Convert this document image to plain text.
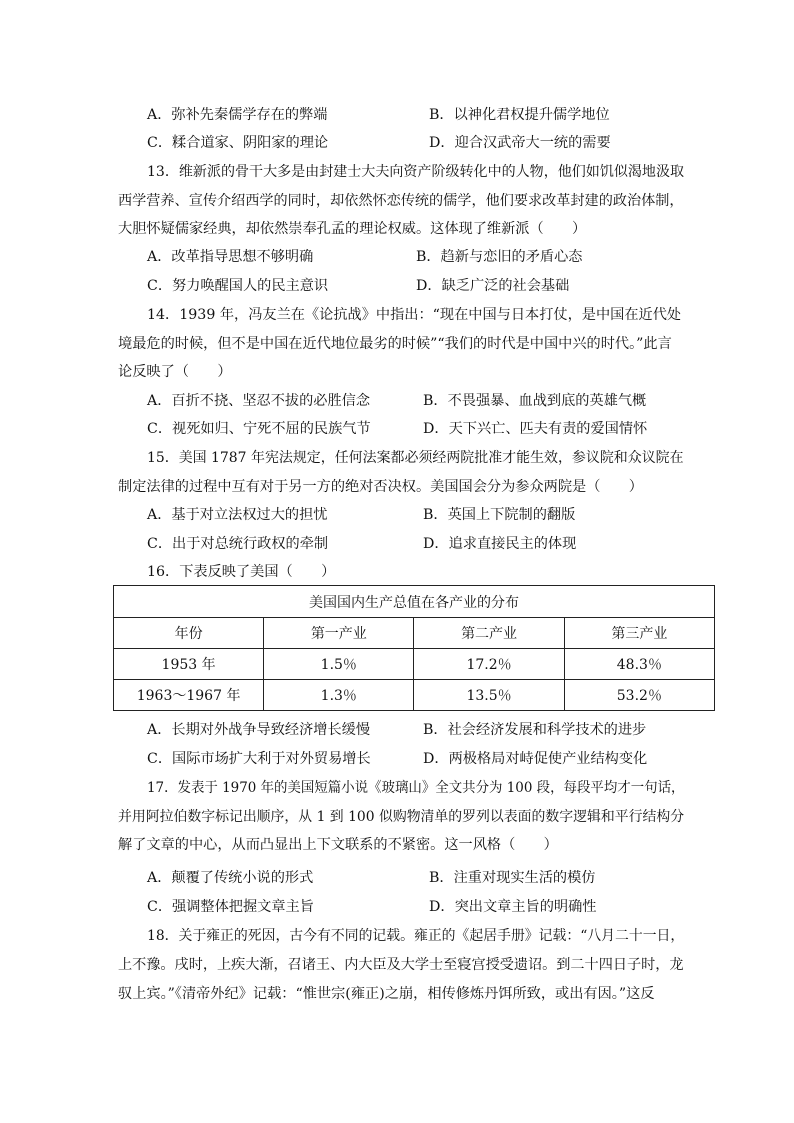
A．弥补先秦儒学存在的弊端	B．以神化君权提升儒学地位
C．糅合道家、阴阳家的理论	D．迎合汉武帝大一统的需要
13．维新派的骨干大多是由封建士大夫向资产阶级转化中的人物，他们如饥似渴地汲取
西学营养、宣传介绍西学的同时，却依然怀恋传统的儒学，他们要求改革封建的政治体制，
大胆怀疑儒家经典，却依然崇奉孔孟的理论权威。这体现了维新派（　　）
A．改革指导思想不够明确	B．趋新与恋旧的矛盾心态
C．努力唤醒国人的民主意识	D．缺乏广泛的社会基础
14．1939 年，冯友兰在《论抗战》中指出：“现在中国与日本打仗，是中国在近代处
境最危的时候，但不是中国在近代地位最劣的时候”“我们的时代是中国中兴的时代。”此言
论反映了（　　）
A．百折不挠、坚忍不拔的必胜信念	B．不畏强暴、血战到底的英雄气概
C．视死如归、宁死不屈的民族气节	D．天下兴亡、匹夫有责的爱国情怀
15．美国 1787 年宪法规定，任何法案都必须经两院批准才能生效，参议院和众议院在
制定法律的过程中互有对于另一方的绝对否决权。美国国会分为参众两院是（　　）
A．基于对立法权过大的担忧	B．英国上下院制的翻版
C．出于对总统行政权的牵制	D．追求直接民主的体现
16．下表反映了美国（　　）
美国国内生产总值在各产业的分布			
年份	第一产业	第二产业	第三产业
1953 年	1.5％	17.2％	48.3％
1963～1967 年	1.3％	13.5％	53.2％
A．长期对外战争导致经济增长缓慢	B．社会经济发展和科学技术的进步
C．国际市场扩大利于对外贸易增长	D．两极格局对峙促使产业结构变化
17．发表于 1970 年的美国短篇小说《玻璃山》全文共分为 100 段，每段平均才一句话，
并用阿拉伯数字标记出顺序，从 1 到 100 似购物清单的罗列以表面的数字逻辑和平行结构分
解了文章的中心，从而凸显出上下文联系的不紧密。这一风格（　　）
A．颠覆了传统小说的形式	B．注重对现实生活的模仿
C．强调整体把握文章主旨	D．突出文章主旨的明确性
18．关于雍正的死因，古今有不同的记载。雍正的《起居手册》记载：“八月二十一日，
上不豫。戌时，上疾大渐，召诸王、内大臣及大学士至寝宫授受遗诏。到二十四日子时，龙
驭上宾。”《清帝外纪》记载：“惟世宗(雍正)之崩，相传修炼丹饵所致，或出有因。”这反
